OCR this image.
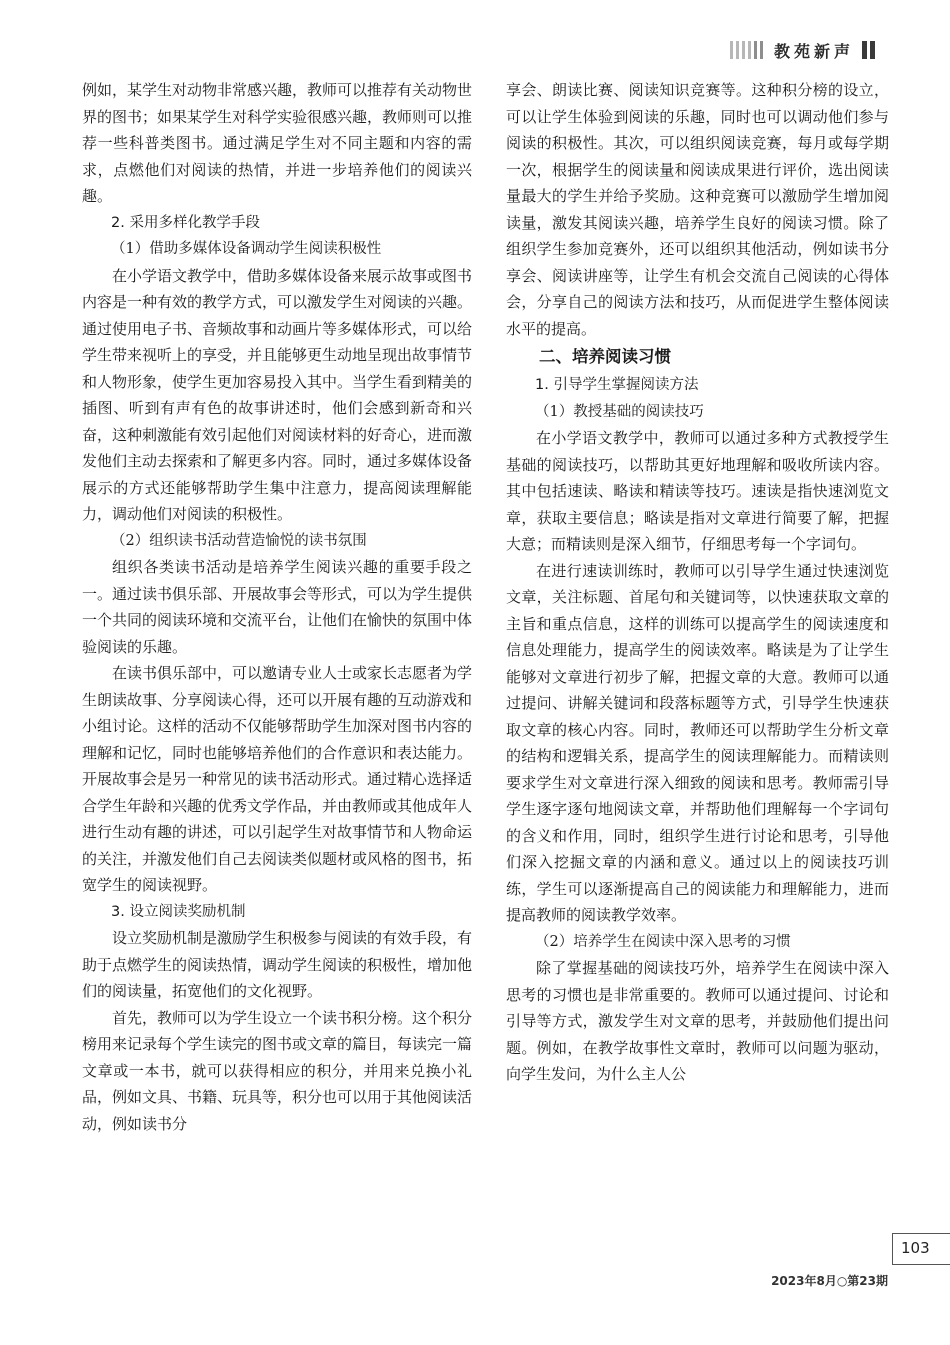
教苑新声

例如，某学生对动物非常感兴趣，教师可以推荐有关动物世界的图书；如果某学生对科学实验很感兴趣，教师则可以推荐一些科普类图书。通过满足学生对不同主题和内容的需求，点燃他们对阅读的热情，并进一步培养他们的阅读兴趣。

2. 采用多样化教学手段

（1）借助多媒体设备调动学生阅读积极性

在小学语文教学中，借助多媒体设备来展示故事或图书内容是一种有效的教学方式，可以激发学生对阅读的兴趣。通过使用电子书、音频故事和动画片等多媒体形式，可以给学生带来视听上的享受，并且能够更生动地呈现出故事情节和人物形象，使学生更加容易投入其中。当学生看到精美的插图、听到有声有色的故事讲述时，他们会感到新奇和兴奋，这种刺激能有效引起他们对阅读材料的好奇心，进而激发他们主动去探索和了解更多内容。同时，通过多媒体设备展示的方式还能够帮助学生集中注意力，提高阅读理解能力，调动他们对阅读的积极性。

（2）组织读书活动营造愉悦的读书氛围

组织各类读书活动是培养学生阅读兴趣的重要手段之一。通过读书俱乐部、开展故事会等形式，可以为学生提供一个共同的阅读环境和交流平台，让他们在愉快的氛围中体验阅读的乐趣。

在读书俱乐部中，可以邀请专业人士或家长志愿者为学生朗读故事、分享阅读心得，还可以开展有趣的互动游戏和小组讨论。这样的活动不仅能够帮助学生加深对图书内容的理解和记忆，同时也能够培养他们的合作意识和表达能力。开展故事会是另一种常见的读书活动形式。通过精心选择适合学生年龄和兴趣的优秀文学作品，并由教师或其他成年人进行生动有趣的讲述，可以引起学生对故事情节和人物命运的关注，并激发他们自己去阅读类似题材或风格的图书，拓宽学生的阅读视野。

3. 设立阅读奖励机制

设立奖励机制是激励学生积极参与阅读的有效手段，有助于点燃学生的阅读热情，调动学生阅读的积极性，增加他们的阅读量，拓宽他们的文化视野。

首先，教师可以为学生设立一个读书积分榜。这个积分榜用来记录每个学生读完的图书或文章的篇目，每读完一篇文章或一本书，就可以获得相应的积分，并用来兑换小礼品，例如文具、书籍、玩具等，积分也可以用于其他阅读活动，例如读书分

享会、朗读比赛、阅读知识竞赛等。这种积分榜的设立，可以让学生体验到阅读的乐趣，同时也可以调动他们参与阅读的积极性。其次，可以组织阅读竞赛，每月或每学期一次，根据学生的阅读量和阅读成果进行评价，选出阅读量最大的学生并给予奖励。这种竞赛可以激励学生增加阅读量，激发其阅读兴趣，培养学生良好的阅读习惯。除了组织学生参加竞赛外，还可以组织其他活动，例如读书分享会、阅读讲座等，让学生有机会交流自己阅读的心得体会，分享自己的阅读方法和技巧，从而促进学生整体阅读水平的提高。

二、培养阅读习惯

1. 引导学生掌握阅读方法

（1）教授基础的阅读技巧

在小学语文教学中，教师可以通过多种方式教授学生基础的阅读技巧，以帮助其更好地理解和吸收所读内容。其中包括速读、略读和精读等技巧。速读是指快速浏览文章，获取主要信息；略读是指对文章进行简要了解，把握大意；而精读则是深入细节，仔细思考每一个字词句。

在进行速读训练时，教师可以引导学生通过快速浏览文章，关注标题、首尾句和关键词等，以快速获取文章的主旨和重点信息，这样的训练可以提高学生的阅读速度和信息处理能力，提高学生的阅读效率。略读是为了让学生能够对文章进行初步了解，把握文章的大意。教师可以通过提问、讲解关键词和段落标题等方式，引导学生快速获取文章的核心内容。同时，教师还可以帮助学生分析文章的结构和逻辑关系，提高学生的阅读理解能力。而精读则要求学生对文章进行深入细致的阅读和思考。教师需引导学生逐字逐句地阅读文章，并帮助他们理解每一个字词句的含义和作用，同时，组织学生进行讨论和思考，引导他们深入挖掘文章的内涵和意义。通过以上的阅读技巧训练，学生可以逐渐提高自己的阅读能力和理解能力，进而提高教师的阅读教学效率。

（2）培养学生在阅读中深入思考的习惯

除了掌握基础的阅读技巧外，培养学生在阅读中深入思考的习惯也是非常重要的。教师可以通过提问、讨论和引导等方式，激发学生对文章的思考，并鼓励他们提出问题。例如，在教学故事性文章时，教师可以问题为驱动，向学生发问，为什么主人公

103
2023年8月○第23期
